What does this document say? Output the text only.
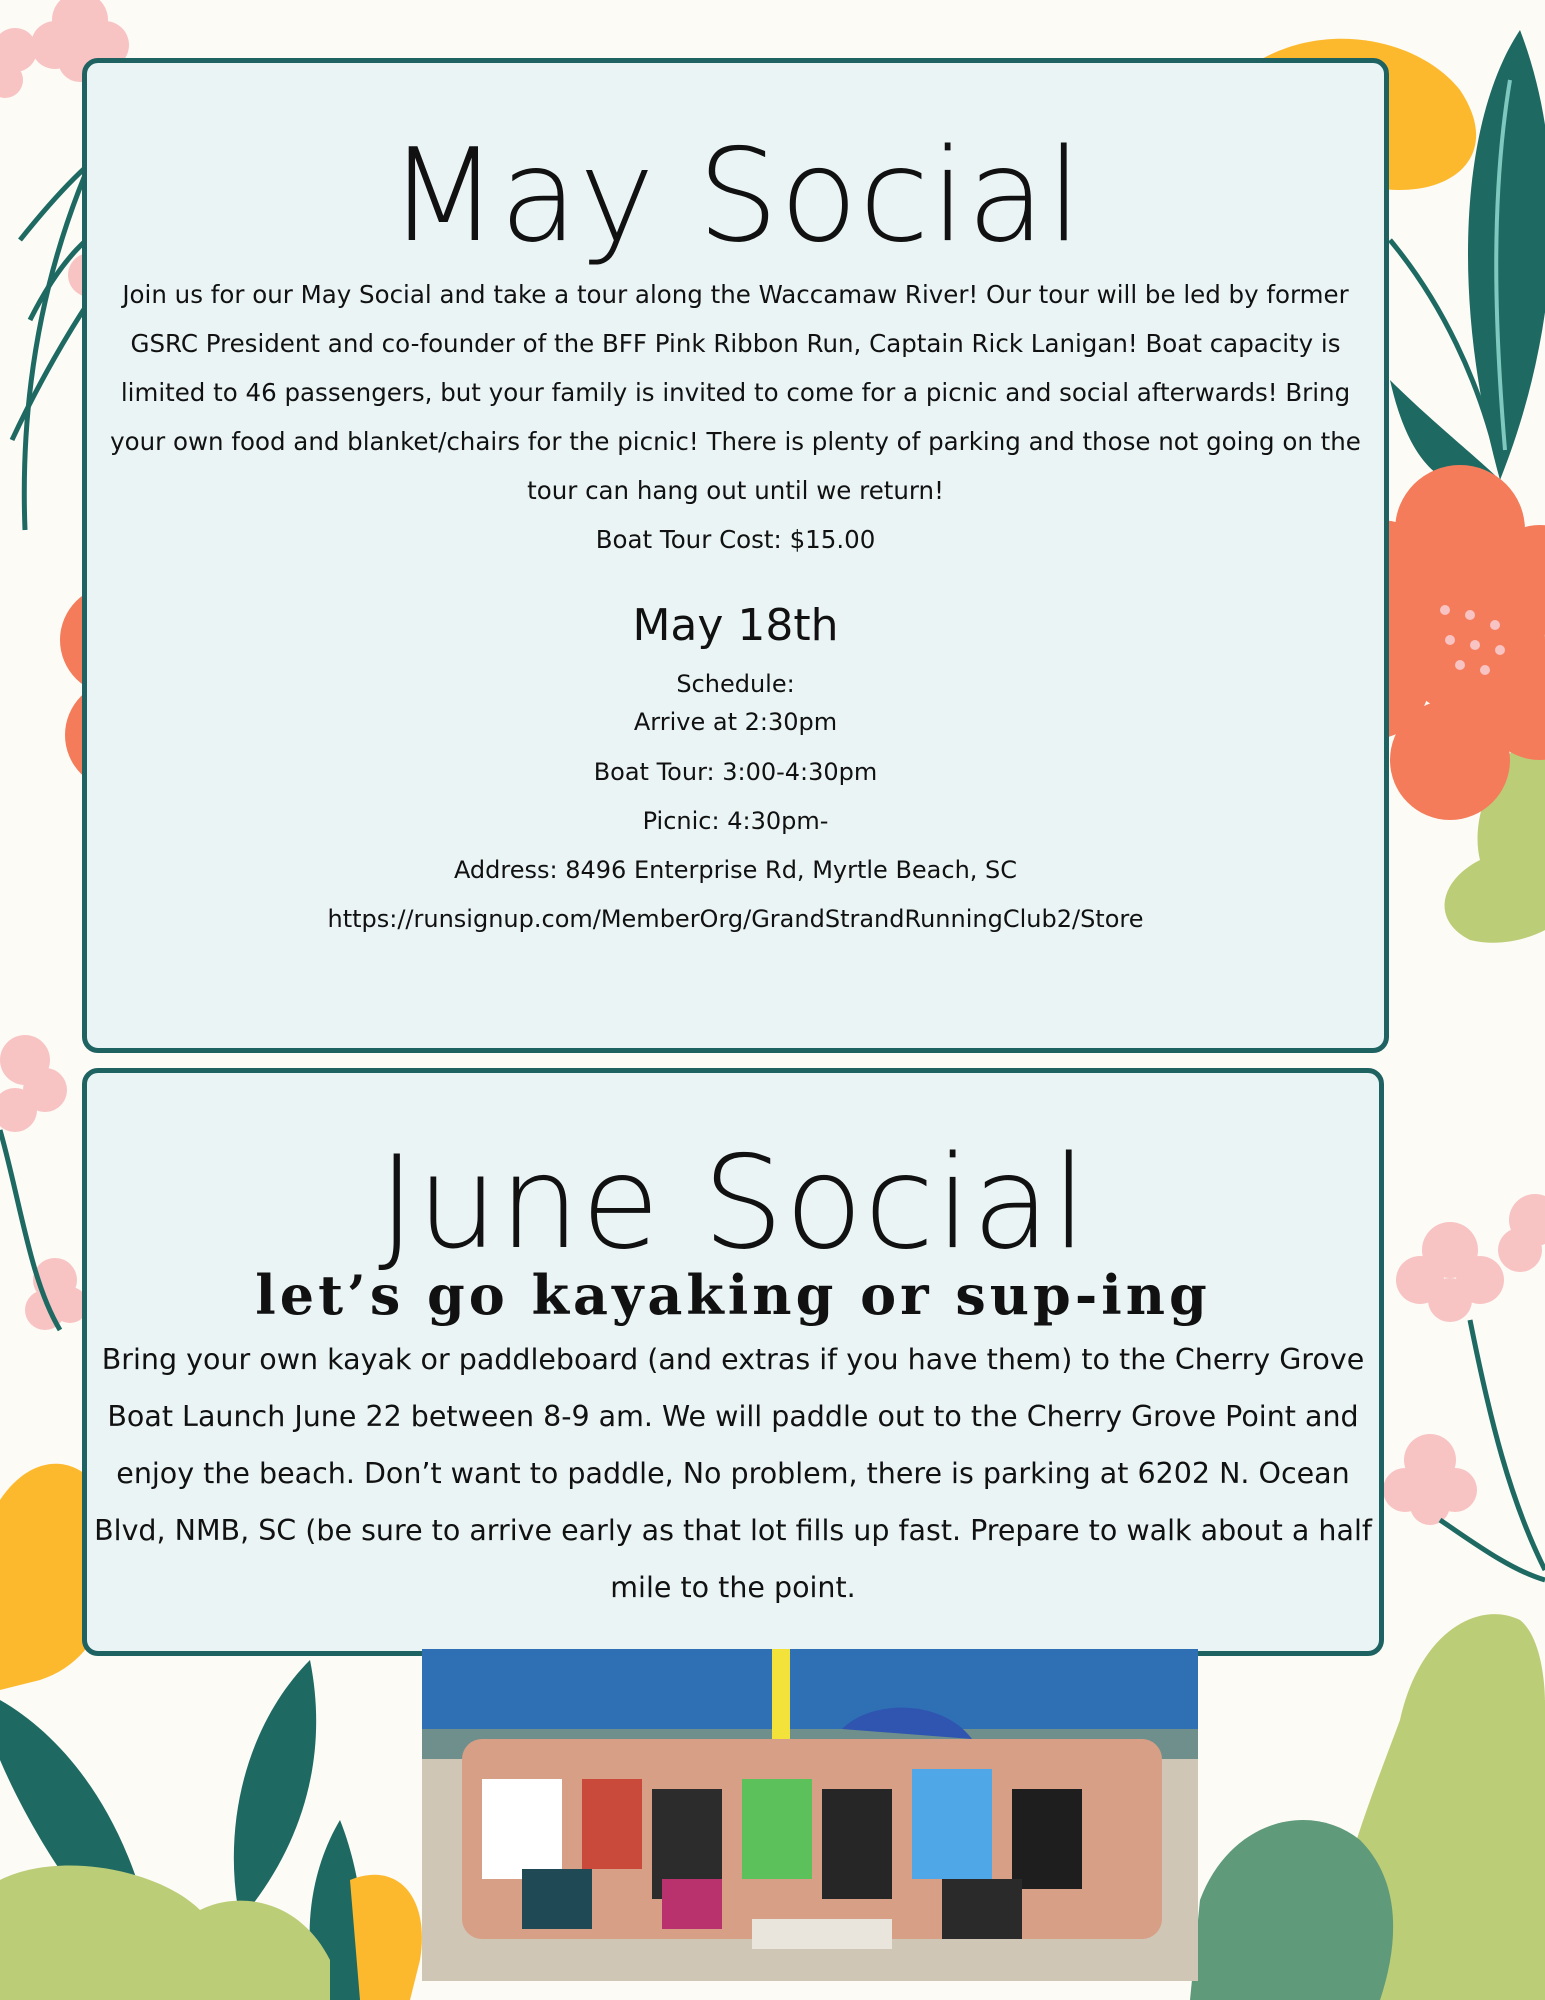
May Social

Join us for our May Social and take a tour along the Waccamaw River! Our tour will be led by former GSRC President and co-founder of the BFF Pink Ribbon Run, Captain Rick Lanigan! Boat capacity is limited to 46 passengers, but your family is invited to come for a picnic and social afterwards! Bring your own food and blanket/chairs for the picnic! There is plenty of parking and those not going on the tour can hang out until we return!

Boat Tour Cost: $15.00

May 18th

Schedule:

Arrive at 2:30pm

Boat Tour: 3:00-4:30pm

Picnic: 4:30pm-

Address: 8496 Enterprise Rd, Myrtle Beach, SC

https://runsignup.com/MemberOrg/GrandStrandRunningClub2/Store

June Social
let’s go kayaking or sup-ing

Bring your own kayak or paddleboard (and extras if you have them) to the Cherry Grove Boat Launch June 22 between 8-9 am. We will paddle out to the Cherry Grove Point and enjoy the beach. Don’t want to paddle, No problem, there is parking at 6202 N. Ocean Blvd, NMB, SC (be sure to arrive early as that lot fills up fast. Prepare to walk about a half mile to the point.
